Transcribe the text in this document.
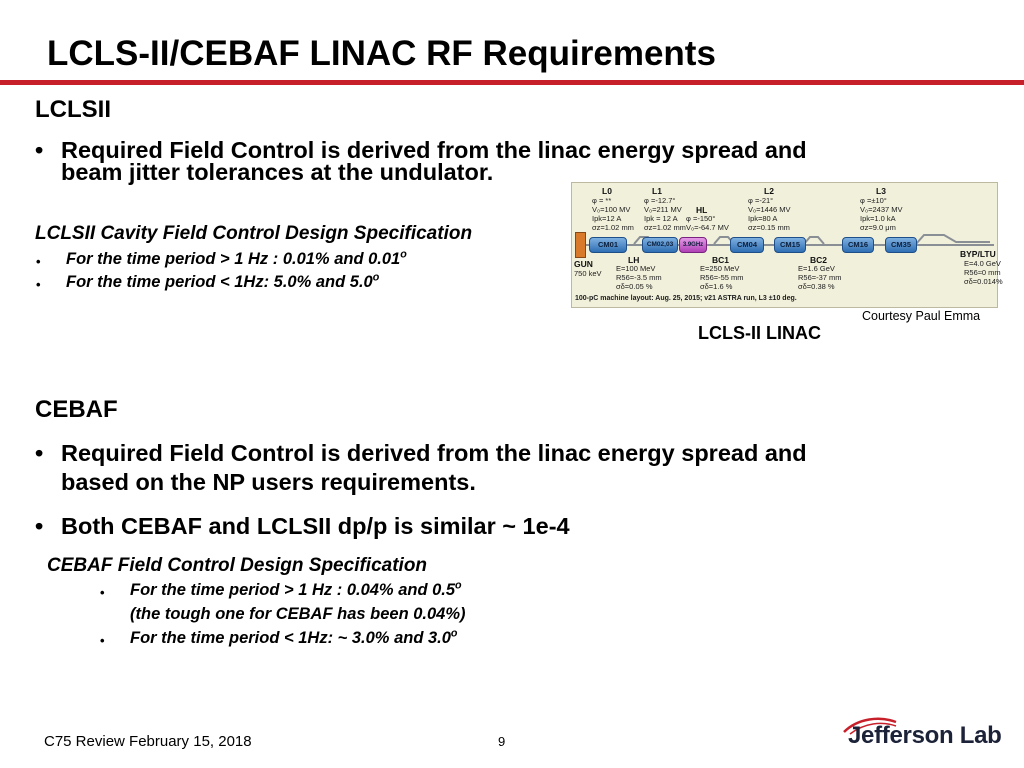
LCLS-II/CEBAF LINAC RF Requirements
LCLSII
• Required Field Control is derived from the linac energy spread and
beam jitter tolerances at the undulator.
LCLSII Cavity Field Control Design Specification
• For the time period > 1 Hz : 0.01% and 0.01$^o$
• For the time period < 1Hz: 5.0% and 5.0$^o$
L0
φ = **
V₀=100 MV
Ipk=12 A
σz=1.02 mm
L1
φ =-12.7°
V₀=211 MV
Ipk = 12 A
σz=1.02 mm
HL
φ =-150°
V₀=-64.7 MV
L2
φ =-21°
V₀=1446 MV
Ipk=80 A
σz=0.15 mm
L3
φ =±10°
V₀=2437 MV
Ipk=1.0 kA
σz=9.0 μm
CM01	CM02,03	3.9GHz	CM04	CM15	CM16	CM35
GUN
750 keV
LH
E=100 MeV
R56=-3.5 mm
σδ=0.05 %
BC1
E=250 MeV
R56=-55 mm
σδ=1.6 %
BC2
E=1.6 GeV
R56=-37 mm
σδ=0.38 %
BYP/LTU
E=4.0 GeV
R56≈0 mm
σδ=0.014%
100-pC machine layout: Aug. 25, 2015; v21 ASTRA run, L3 ±10 deg.
Courtesy Paul Emma
LCLS-II LINAC
CEBAF
• Required Field Control is derived from the linac energy spread and
based on the NP users requirements.
• Both CEBAF and LCLSII dp/p is similar ~ 1e-4
CEBAF Field Control Design Specification
• For the time period > 1 Hz : 0.04% and 0.5$^o$
(the tough one for CEBAF has been 0.04%)
• For the time period < 1Hz: ~ 3.0% and 3.0$^o$
C75 Review February 15, 2018	9	Jefferson Lab
